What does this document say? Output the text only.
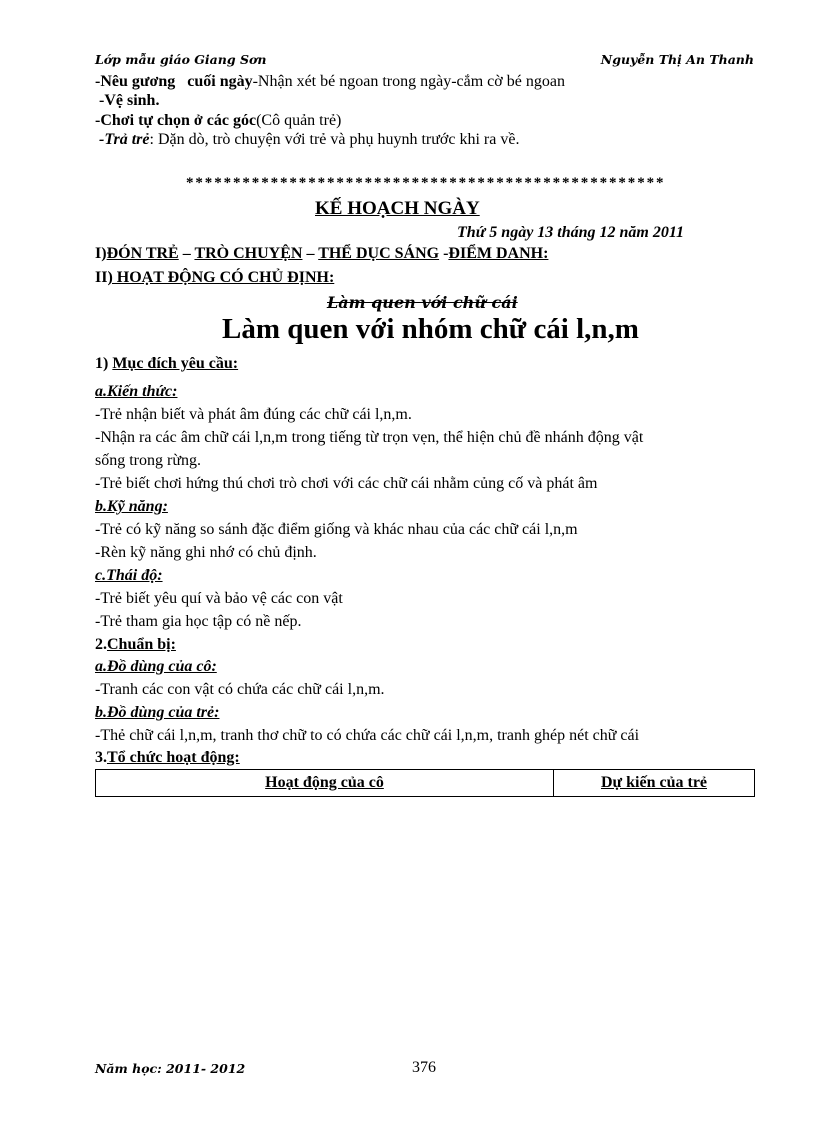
Lớp mẫu giáo Giang Sơn	Nguyễn Thị An Thanh
-Nêu gương cuối ngày-Nhận xét bé ngoan trong ngày-cắm cờ bé ngoan
-Vệ sinh.
-Chơi tự chọn ở các góc(Cô quản trẻ)
-Trả trẻ: Dặn dò, trò chuyện với trẻ và phụ huynh trước khi ra về.
***************************************************
KẾ HOẠCH NGÀY
Thứ 5 ngày 13 tháng 12 năm 2011
I)ĐÓN TRẺ – TRÒ CHUYỆN – THỂ DỤC SÁNG -ĐIỂM DANH:
II) HOẠT ĐỘNG CÓ CHỦ ĐỊNH:
Làm quen với chữ cái
Làm quen với nhóm chữ cái l,n,m
1) Mục đích yêu cầu:
a.Kiến thức:
-Trẻ nhận biết và phát âm đúng các chữ cái l,n,m.
-Nhận ra các âm chữ cái l,n,m trong tiếng từ trọn vẹn, thể hiện chủ đề nhánh động vật
sống trong rừng.
-Trẻ biết chơi hứng thú chơi trò chơi với các chữ cái nhằm củng cố và phát âm
b.Kỹ năng:
-Trẻ có kỹ năng so sánh đặc điểm giống và khác nhau của các chữ cái l,n,m
-Rèn kỹ năng ghi nhớ có chủ định.
c.Thái độ:
-Trẻ biết yêu quí và bảo vệ các con vật
-Trẻ tham gia học tập có nề nếp.
2.Chuẩn bị:
a.Đồ dùng của cô:
-Tranh các con vật có chứa các chữ cái l,n,m.
b.Đồ dùng của trẻ:
-Thẻ chữ cái l,n,m, tranh thơ chữ to có chứa các chữ cái l,n,m, tranh ghép nét chữ cái
3.Tổ chức hoạt động:
Hoạt động của cô	Dự kiến của trẻ
Năm học: 2011- 2012	376
